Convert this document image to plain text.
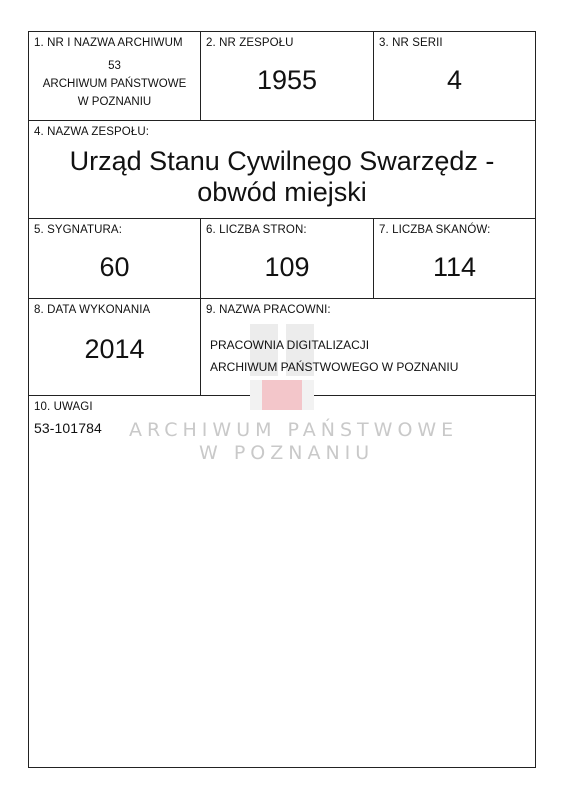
ARCHIWUM PAŃSTWOWE
W POZNANIU
1. NR I NAZWA ARCHIWUM
53
ARCHIWUM PAŃSTWOWE
W POZNANIU
2. NR ZESPOŁU
1955
3. NR SERII
4
4. NAZWA ZESPOŁU:
Urząd Stanu Cywilnego Swarzędz -
obwód miejski
5. SYGNATURA:
60
6. LICZBA STRON:
109
7. LICZBA SKANÓW:
114
8. DATA WYKONANIA
2014
9. NAZWA PRACOWNI:
PRACOWNIA DIGITALIZACJI
ARCHIWUM PAŃSTWOWEGO W POZNANIU
10. UWAGI
53-101784
